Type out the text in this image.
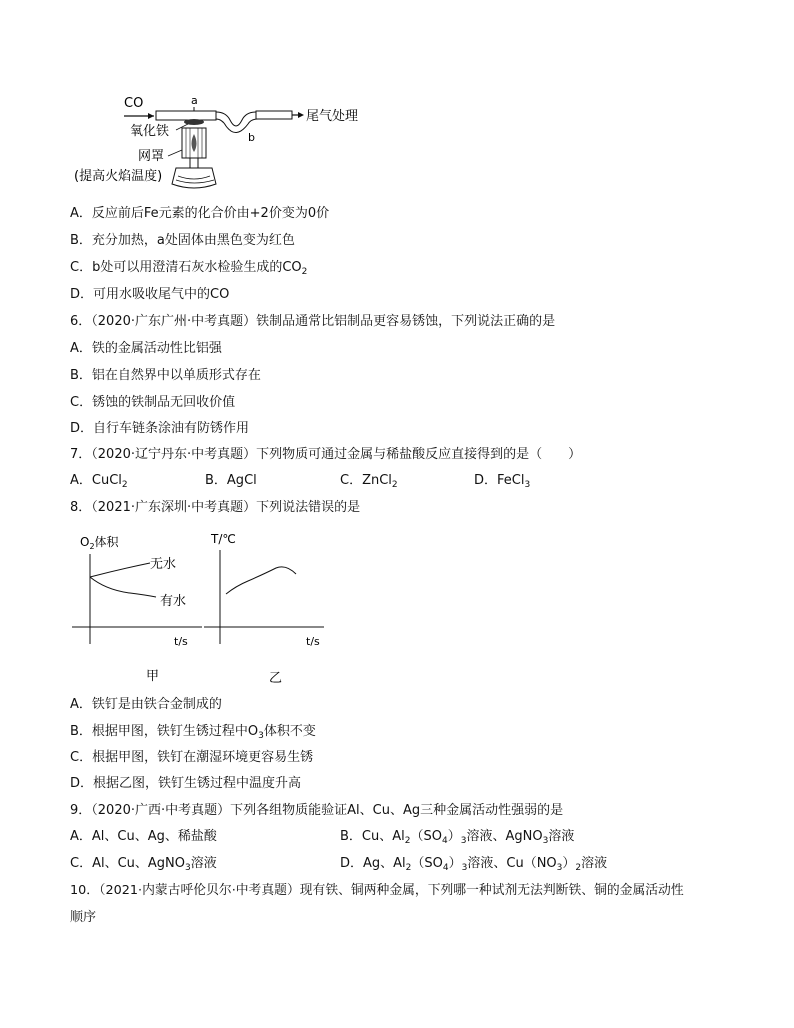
CO	a
b
尾气处理
氧化铁
网罩
(提高火焰温度)
A．反应前后Fe元素的化合价由+2价变为0价
B．充分加热，a处固体由黑色变为红色
C．b处可以用澄清石灰水检验生成的$CO_2$
D．可用水吸收尾气中的CO
6．（2020·广东广州·中考真题）铁制品通常比铝制品更容易锈蚀，下列说法正确的是
A．铁的金属活动性比铝强
B．铝在自然界中以单质形式存在
C．锈蚀的铁制品无回收价值
D．自行车链条涂油有防锈作用
7．（2020·辽宁丹东·中考真题）下列物质可通过金属与稀盐酸反应直接得到的是（　　）
A．CuCl$_2$	B．AgCl	C．ZnCl$_2$	D．FeCl$_3$
8．（2021·广东深圳·中考真题）下列说法错误的是
$O_2$体积
无水
有水
t/s
甲
T/℃
t/s
乙
A．铁钉是由铁合金制成的
B．根据甲图，铁钉生锈过程中$O_3$体积不变
C．根据甲图，铁钉在潮湿环境更容易生锈
D．根据乙图，铁钉生锈过程中温度升高
9．（2020·广西·中考真题）下列各组物质能验证Al、Cu、Ag三种金属活动性强弱的是
A．Al、Cu、Ag、稀盐酸	B．Cu、$Al_2(SO_4)_3$溶液、AgNO$_3$溶液
C．Al、Cu、AgNO$_3$溶液	D．Ag、$Al_2(SO_4)_3$溶液、$Cu(NO_3)_2$溶液
10．（2021·内蒙古呼伦贝尔·中考真题）现有铁、铜两种金属，下列哪一种试剂无法判断铁、铜的金属活动性
顺序
